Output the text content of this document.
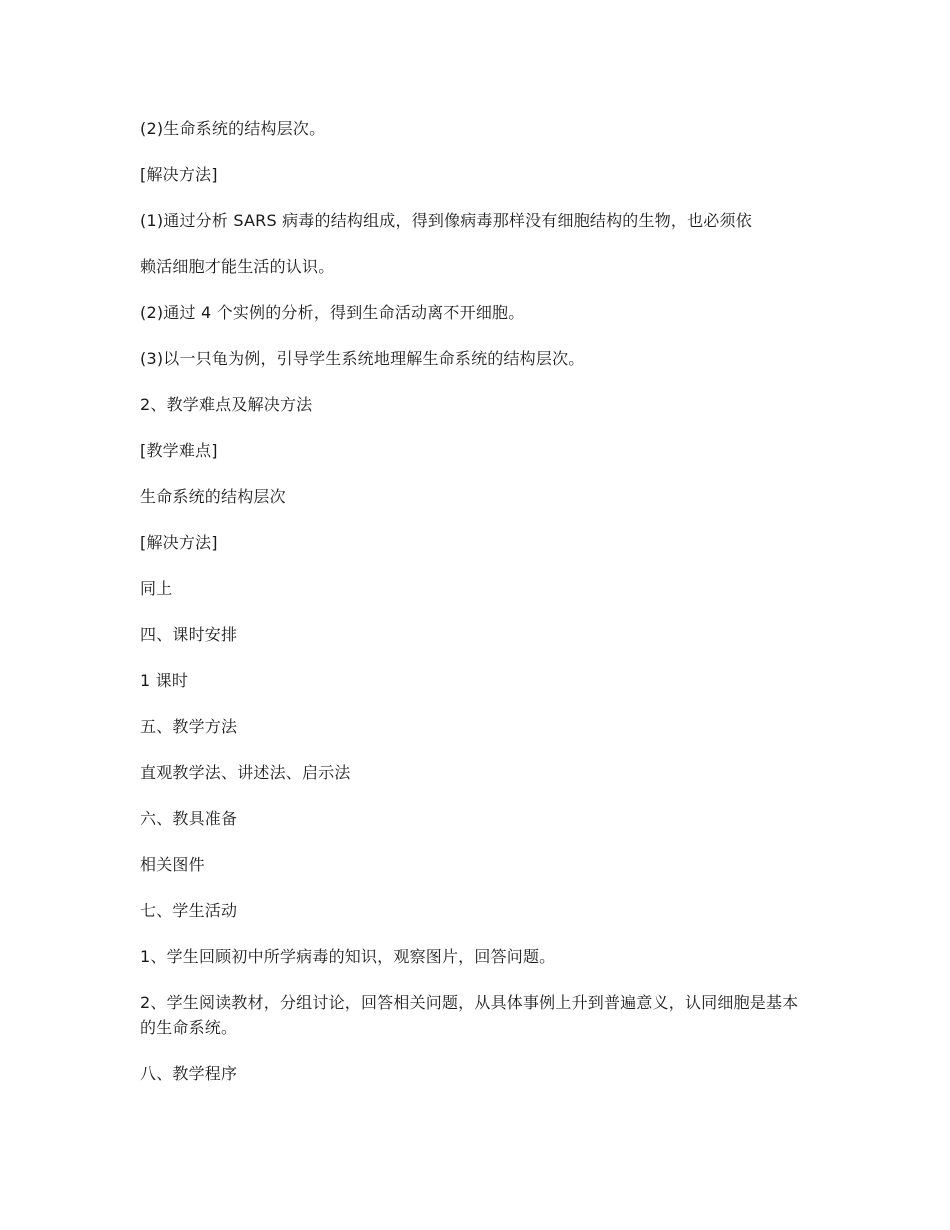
(2)生命系统的结构层次。

[解决方法]

(1)通过分析 SARS 病毒的结构组成，得到像病毒那样没有细胞结构的生物，也必须依

赖活细胞才能生活的认识。

(2)通过 4 个实例的分析，得到生命活动离不开细胞。

(3)以一只龟为例，引导学生系统地理解生命系统的结构层次。

2、教学难点及解决方法

[教学难点]

生命系统的结构层次

[解决方法]

同上

四、课时安排

1 课时

五、教学方法

直观教学法、讲述法、启示法

六、教具准备

相关图件

七、学生活动

1、学生回顾初中所学病毒的知识，观察图片，回答问题。

2、学生阅读教材，分组讨论，回答相关问题，从具体事例上升到普遍意义，认同细胞是基本的生命系统。

八、教学程序
